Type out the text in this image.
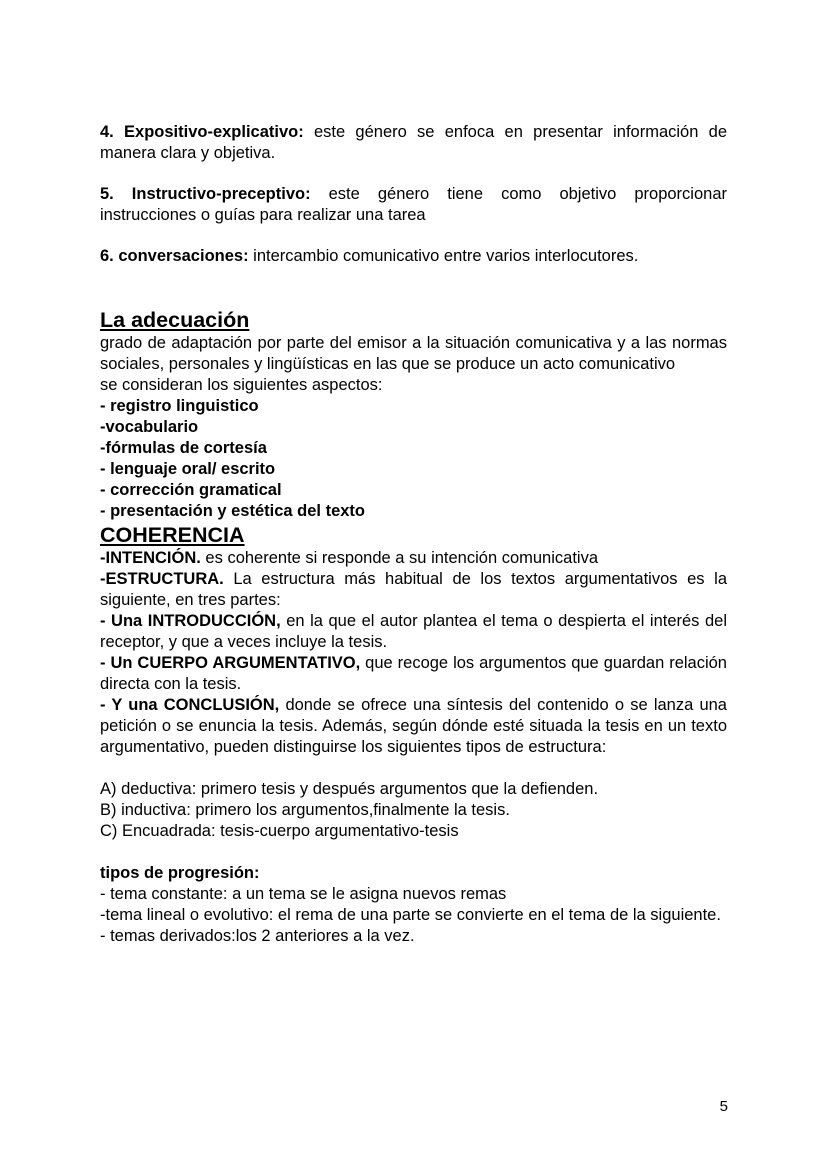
4. Expositivo-explicativo: este género se enfoca en presentar información de manera clara y objetiva.

5. Instructivo-preceptivo: este género tiene como objetivo proporcionar instrucciones o guías para realizar una tarea

6. conversaciones: intercambio comunicativo entre varios interlocutores.

La adecuación

grado de adaptación por parte del emisor a la situación comunicativa y a las normas sociales, personales y lingüísticas en las que se produce un acto comunicativo

se consideran los siguientes aspectos:

- registro linguistico

-vocabulario

-fórmulas de cortesía

- lenguaje oral/ escrito

- corrección gramatical

- presentación y estética del texto

COHERENCIA

-INTENCIÓN. es coherente si responde a su intención comunicativa

-ESTRUCTURA. La estructura más habitual de los textos argumentativos es la siguiente, en tres partes:

- Una INTRODUCCIÓN, en la que el autor plantea el tema o despierta el interés del receptor, y que a veces incluye la tesis.

- Un CUERPO ARGUMENTATIVO, que recoge los argumentos que guardan relación directa con la tesis.

- Y una CONCLUSIÓN, donde se ofrece una síntesis del contenido o se lanza una petición o se enuncia la tesis. Además, según dónde esté situada la tesis en un texto argumentativo, pueden distinguirse los siguientes tipos de estructura:

A) deductiva: primero tesis y después argumentos que la defienden.

B) inductiva: primero los argumentos,finalmente la tesis.

C) Encuadrada: tesis-cuerpo argumentativo-tesis

tipos de progresión:

- tema constante: a un tema se le asigna nuevos remas

-tema lineal o evolutivo: el rema de una parte se convierte en el tema de la siguiente.

- temas derivados:los 2 anteriores a la vez.

5
